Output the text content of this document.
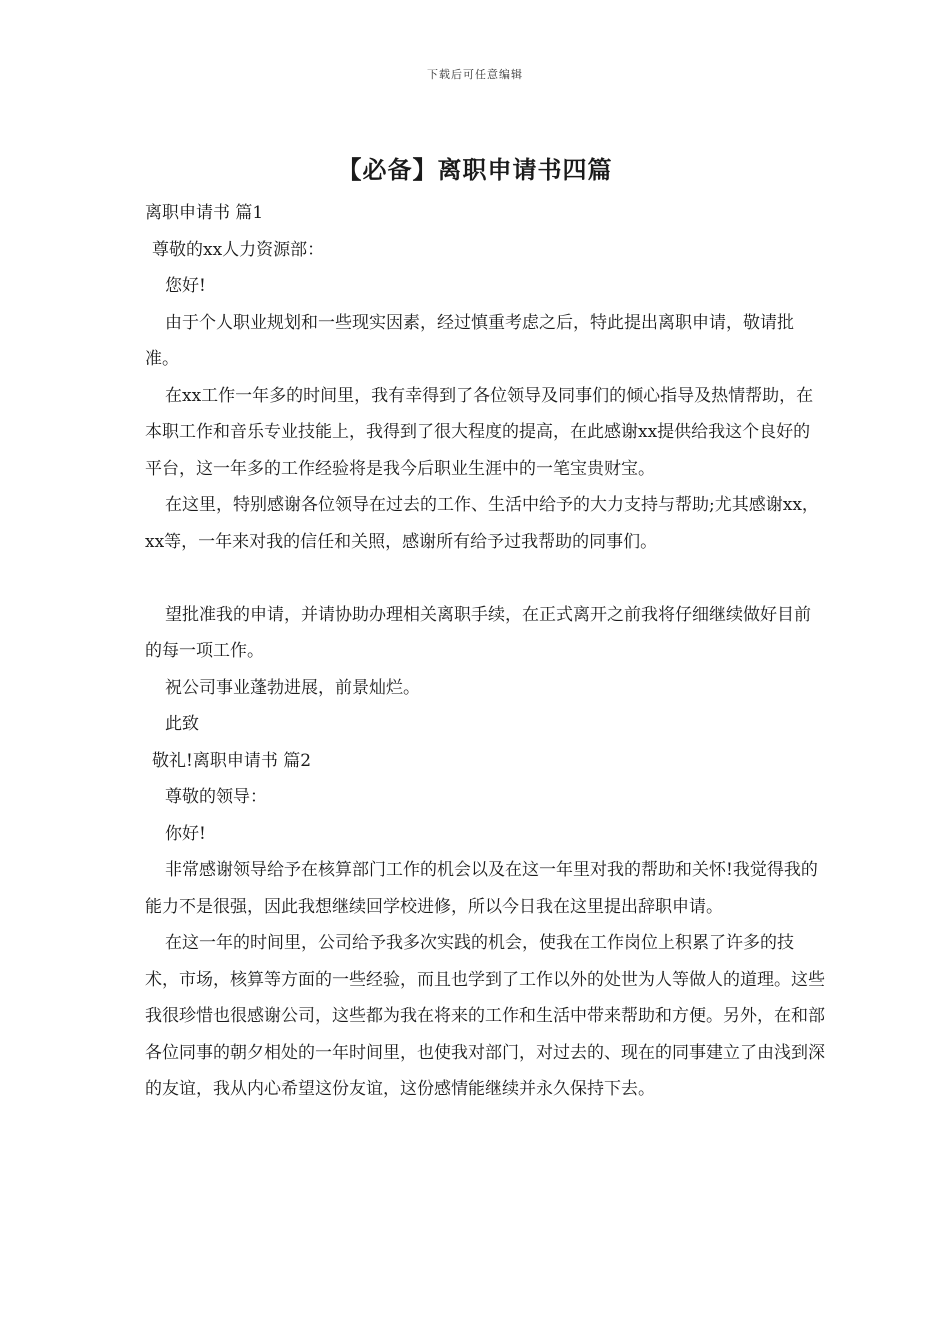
下载后可任意编辑
【必备】离职申请书四篇

离职申请书 篇1

尊敬的xx人力资源部：

您好!

由于个人职业规划和一些现实因素，经过慎重考虑之后，特此提出离职申请，敬请批准。

在xx工作一年多的时间里，我有幸得到了各位领导及同事们的倾心指导及热情帮助，在本职工作和音乐专业技能上，我得到了很大程度的提高，在此感谢xx提供给我这个良好的平台，这一年多的工作经验将是我今后职业生涯中的一笔宝贵财宝。

在这里，特别感谢各位领导在过去的工作、生活中给予的大力支持与帮助;尤其感谢xx，xx等，一年来对我的信任和关照，感谢所有给予过我帮助的同事们。

望批准我的申请，并请协助办理相关离职手续，在正式离开之前我将仔细继续做好目前的每一项工作。

祝公司事业蓬勃进展，前景灿烂。

此致

敬礼!离职申请书 篇2

尊敬的领导：

你好!

非常感谢领导给予在核算部门工作的机会以及在这一年里对我的帮助和关怀!我觉得我的能力不是很强，因此我想继续回学校进修，所以今日我在这里提出辞职申请。

在这一年的时间里，公司给予我多次实践的机会，使我在工作岗位上积累了许多的技术，市场，核算等方面的一些经验，而且也学到了工作以外的处世为人等做人的道理。这些我很珍惜也很感谢公司，这些都为我在将来的工作和生活中带来帮助和方便。另外，在和部各位同事的朝夕相处的一年时间里，也使我对部门，对过去的、现在的同事建立了由浅到深的友谊，我从内心希望这份友谊，这份感情能继续并永久保持下去。
